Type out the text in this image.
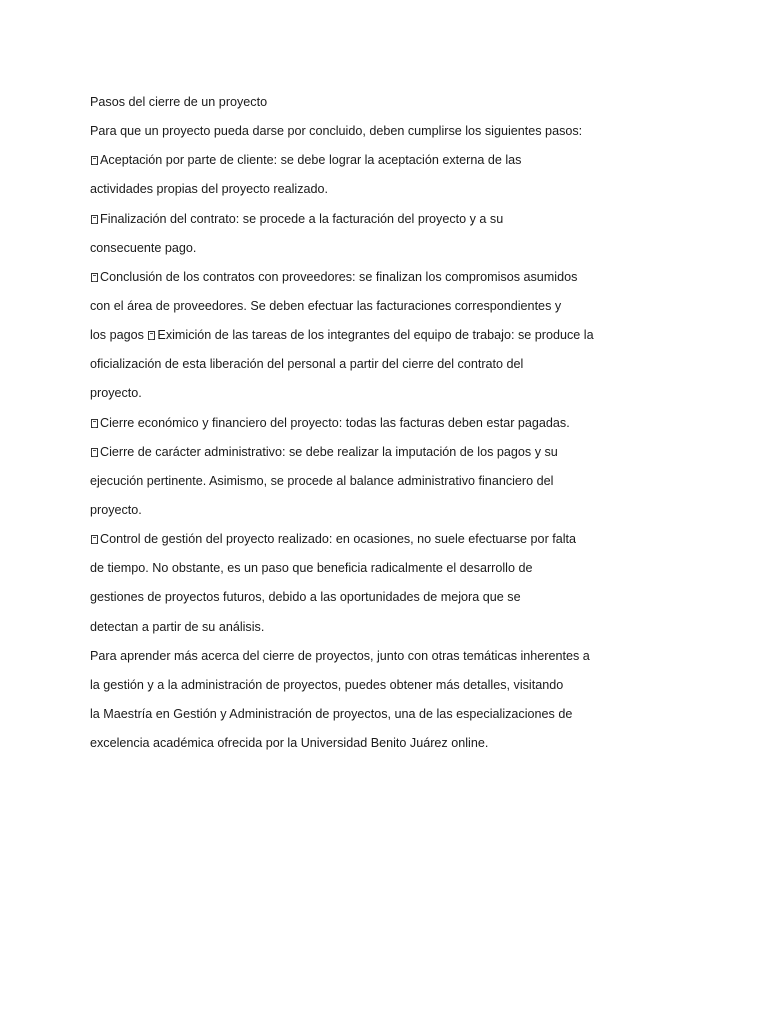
Pasos del cierre de un proyecto
Para que un proyecto pueda darse por concluido, deben cumplirse los siguientes pasos:
Aceptación por parte de cliente: se debe lograr la aceptación externa de las
actividades propias del proyecto realizado.
Finalización del contrato: se procede a la facturación del proyecto y a su
consecuente pago.
Conclusión de los contratos con proveedores: se finalizan los compromisos asumidos
con el área de proveedores. Se deben efectuar las facturaciones correspondientes y
los pagos Eximición de las tareas de los integrantes del equipo de trabajo: se produce la
oficialización de esta liberación del personal a partir del cierre del contrato del
proyecto.
Cierre económico y financiero del proyecto: todas las facturas deben estar pagadas.
Cierre de carácter administrativo: se debe realizar la imputación de los pagos y su
ejecución pertinente. Asimismo, se procede al balance administrativo financiero del
proyecto.
Control de gestión del proyecto realizado: en ocasiones, no suele efectuarse por falta
de tiempo. No obstante, es un paso que beneficia radicalmente el desarrollo de
gestiones de proyectos futuros, debido a las oportunidades de mejora que se
detectan a partir de su análisis.
Para aprender más acerca del cierre de proyectos, junto con otras temáticas inherentes a
la gestión y a la administración de proyectos, puedes obtener más detalles, visitando
la Maestría en Gestión y Administración de proyectos, una de las especializaciones de
excelencia académica ofrecida por la Universidad Benito Juárez online.
